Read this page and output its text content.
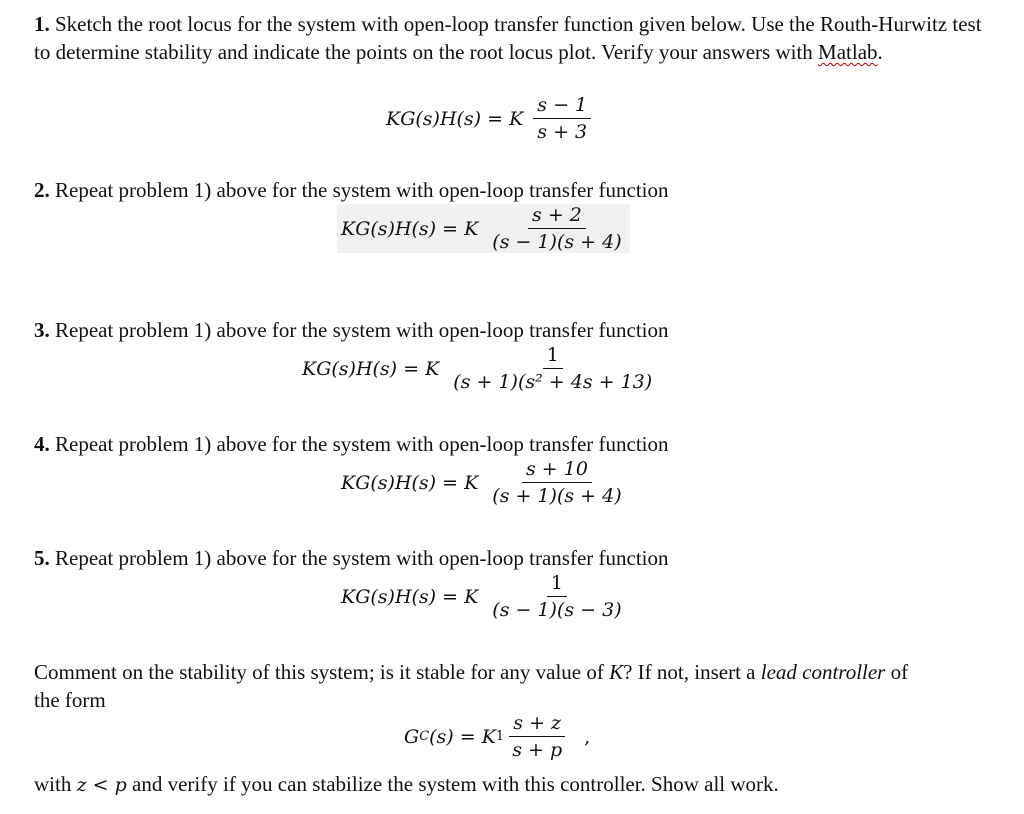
1. Sketch the root locus for the system with open-loop transfer function given below. Use the Routh-Hurwitz test to determine stability and indicate the points on the root locus plot. Verify your answers with Matlab.

KG(s)H(s) = K $\frac{s - 1}{s + 3}$

2. Repeat problem 1) above for the system with open-loop transfer function

KG(s)H(s) = K $\frac{s + 2}{(s - 1)(s + 4)}$

3. Repeat problem 1) above for the system with open-loop transfer function

KG(s)H(s) = K $\frac{1}{\text{(s + 1)(s² + 4s + 13)}}$

4. Repeat problem 1) above for the system with open-loop transfer function

KG(s)H(s) = K $\frac{s + 10}{(s + 1)(s + 4)}$

5. Repeat problem 1) above for the system with open-loop transfer function

KG(s)H(s) = K $\frac{1}{(s - 1)(s - 3)}$

Comment on the stability of this system; is it stable for any value of K? If not, insert a lead controller of the form

G C (s) = K $1 \frac{s + z}{s + p}$ ,

with z < p and verify if you can stabilize the system with this controller. Show all work.
